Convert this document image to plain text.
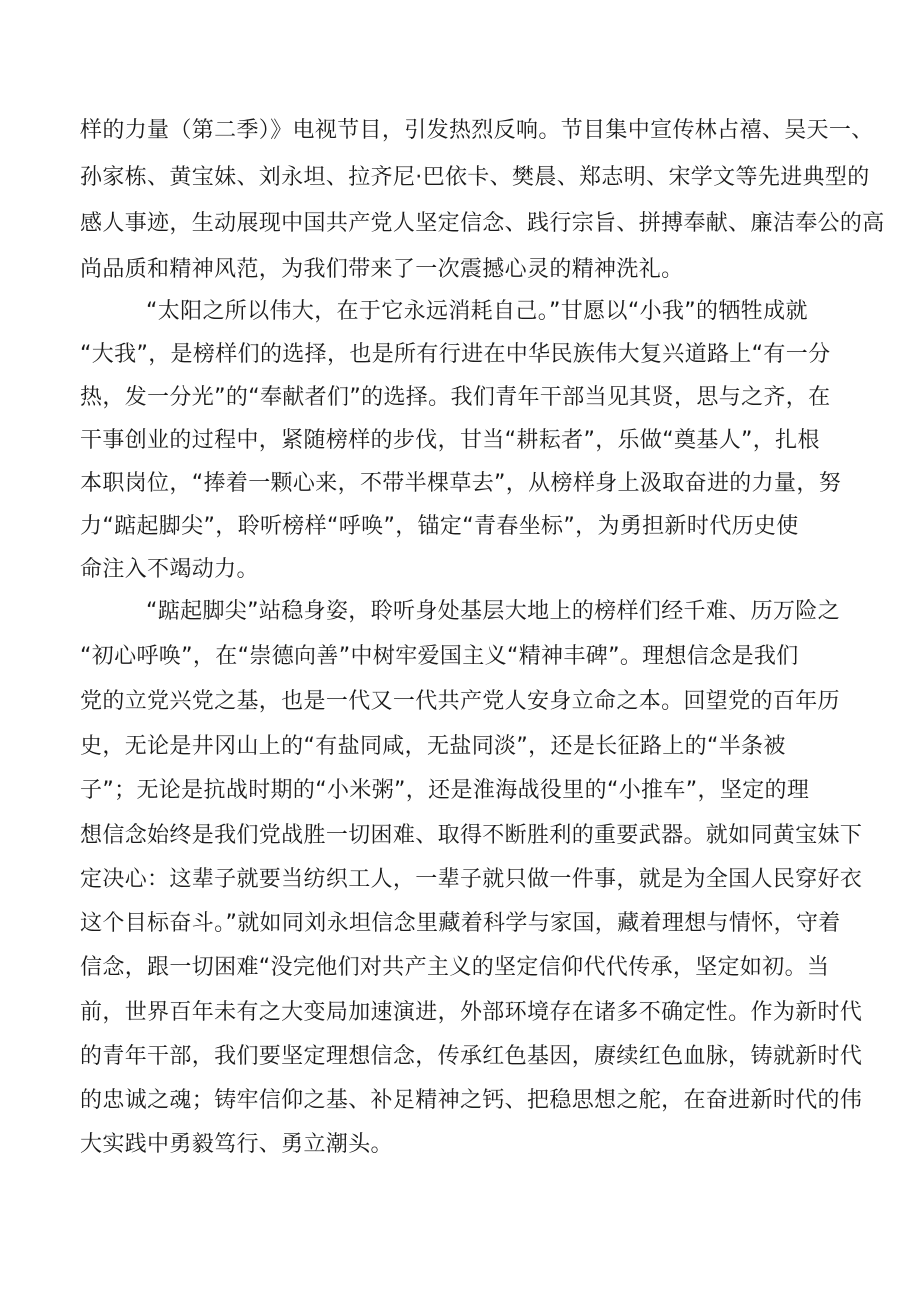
样的力量（第二季）》电视节目，引发热烈反响。节目集中宣传林占禧、吴天一、
孙家栋、黄宝妹、刘永坦、拉齐尼·巴依卡、樊晨、郑志明、宋学文等先进典型的
感人事迹，生动展现中国共产党人坚定信念、践行宗旨、拼搏奉献、廉洁奉公的高
尚品质和精神风范，为我们带来了一次震撼心灵的精神洗礼。
“太阳之所以伟大，在于它永远消耗自己。”甘愿以“小我”的牺牲成就
“大我”，是榜样们的选择，也是所有行进在中华民族伟大复兴道路上“有一分
热，发一分光”的“奉献者们”的选择。我们青年干部当见其贤，思与之齐，在
干事创业的过程中，紧随榜样的步伐，甘当“耕耘者”，乐做“奠基人”，扎根
本职岗位，“捧着一颗心来，不带半棵草去”，从榜样身上汲取奋进的力量，努
力“踮起脚尖”，聆听榜样“呼唤”，锚定“青春坐标”，为勇担新时代历史使
命注入不竭动力。
“踮起脚尖”站稳身姿，聆听身处基层大地上的榜样们经千难、历万险之
“初心呼唤”，在“崇德向善”中树牢爱国主义“精神丰碑”。理想信念是我们
党的立党兴党之基，也是一代又一代共产党人安身立命之本。回望党的百年历
史，无论是井冈山上的“有盐同咸，无盐同淡”，还是长征路上的“半条被
子”；无论是抗战时期的“小米粥”，还是淮海战役里的“小推车”，坚定的理
想信念始终是我们党战胜一切困难、取得不断胜利的重要武器。就如同黄宝妹下
定决心：这辈子就要当纺织工人，一辈子就只做一件事，就是为全国人民穿好衣
这个目标奋斗。”就如同刘永坦信念里藏着科学与家国，藏着理想与情怀，守着
信念，跟一切困难“没完他们对共产主义的坚定信仰代代传承，坚定如初。当
前，世界百年未有之大变局加速演进，外部环境存在诸多不确定性。作为新时代
的青年干部，我们要坚定理想信念，传承红色基因，赓续红色血脉，铸就新时代
的忠诚之魂；铸牢信仰之基、补足精神之钙、把稳思想之舵，在奋进新时代的伟
大实践中勇毅笃行、勇立潮头。
